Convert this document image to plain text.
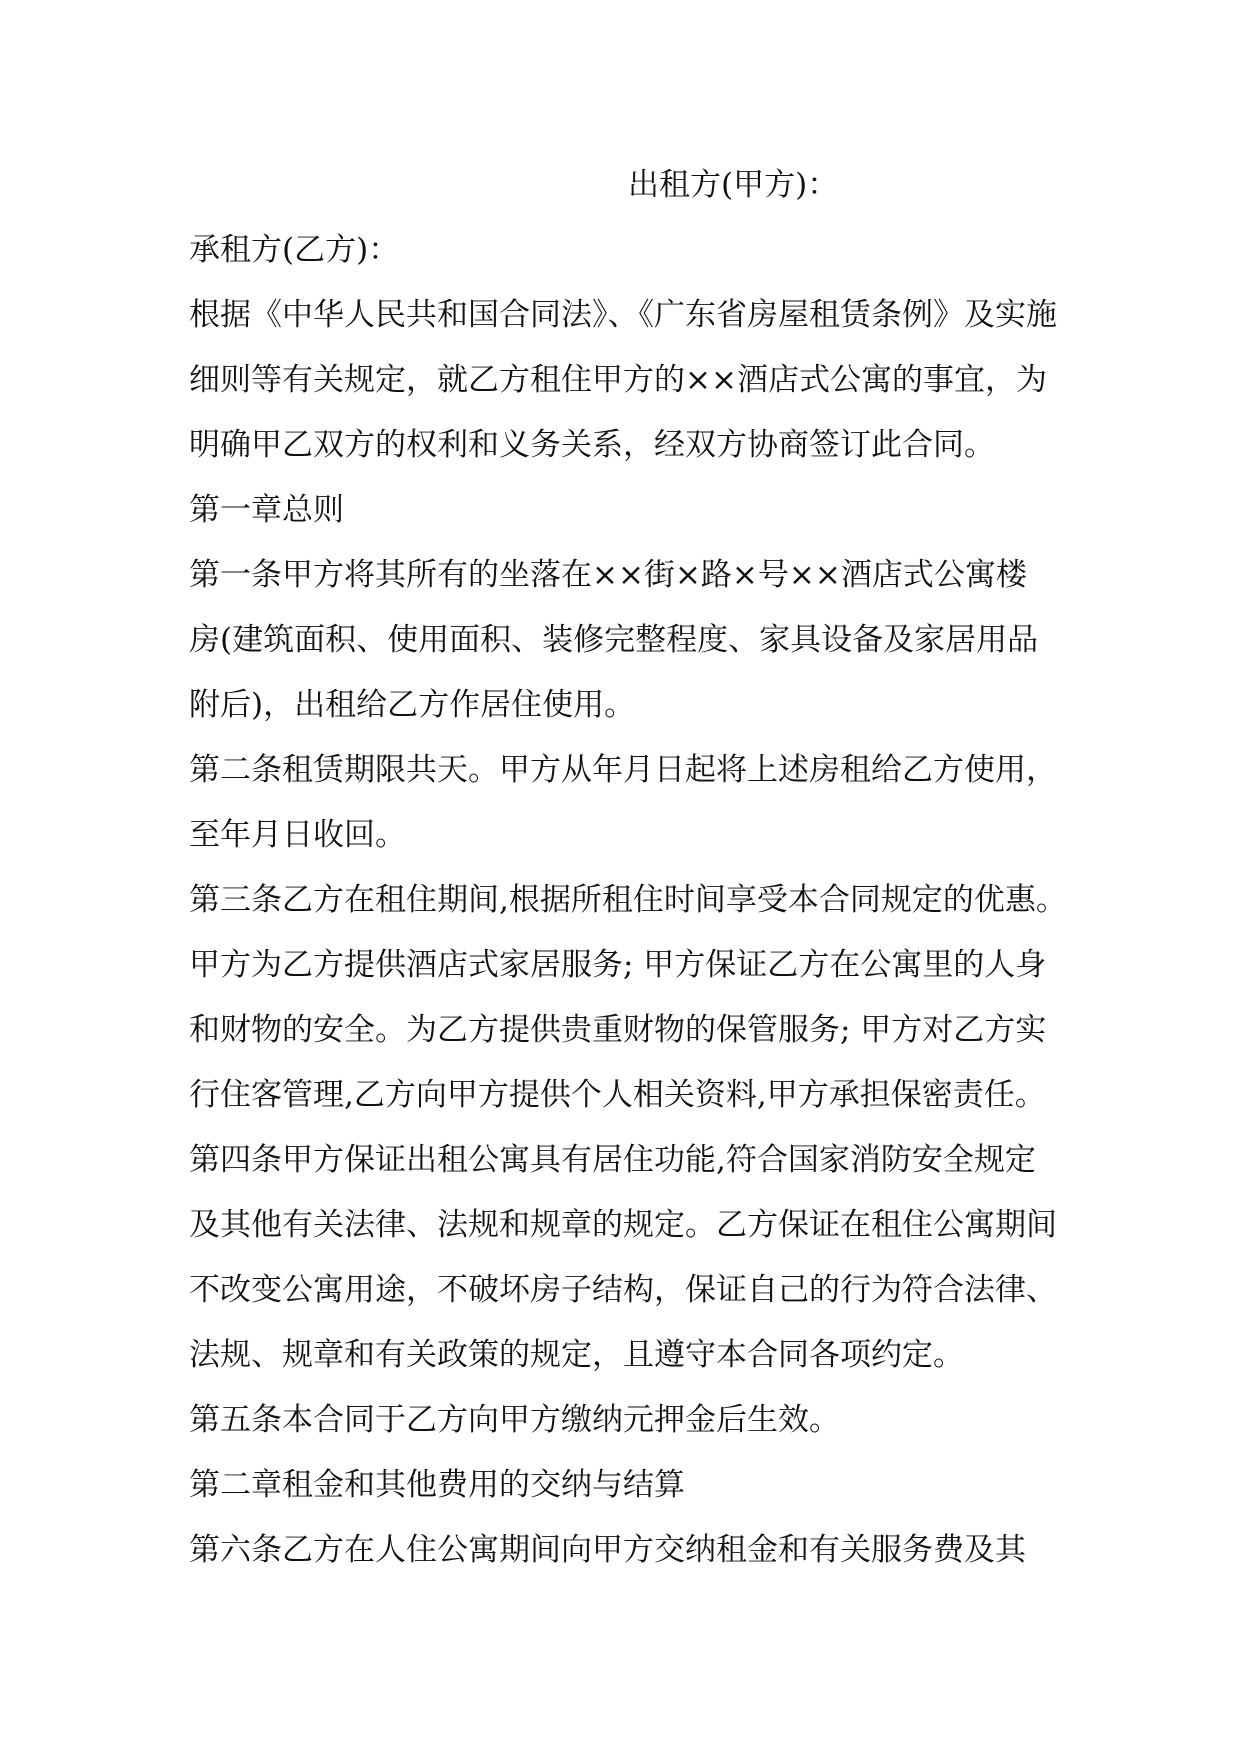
出租方(甲方)：
承租方(乙方)：
根据《中华人民共和国合同法》、《广东省房屋租赁条例》及实施
细则等有关规定，就乙方租住甲方的××酒店式公寓的事宜，为
明确甲乙双方的权利和义务关系，经双方协商签订此合同。
第一章总则
第一条甲方将其所有的坐落在××街×路×号××酒店式公寓楼
房(建筑面积、使用面积、装修完整程度、家具设备及家居用品
附后)，出租给乙方作居住使用。
第二条租赁期限共天。甲方从年月日起将上述房租给乙方使用，
至年月日收回。
第三条乙方在租住期间,根据所租住时间享受本合同规定的优惠。
甲方为乙方提供酒店式家居服务; 甲方保证乙方在公寓里的人身
和财物的安全。为乙方提供贵重财物的保管服务; 甲方对乙方实
行住客管理,乙方向甲方提供个人相关资料,甲方承担保密责任。
第四条甲方保证出租公寓具有居住功能,符合国家消防安全规定
及其他有关法律、法规和规章的规定。乙方保证在租住公寓期间
不改变公寓用途，不破坏房子结构，保证自己的行为符合法律、
法规、规章和有关政策的规定，且遵守本合同各项约定。
第五条本合同于乙方向甲方缴纳元押金后生效。
第二章租金和其他费用的交纳与结算
第六条乙方在人住公寓期间向甲方交纳租金和有关服务费及其
